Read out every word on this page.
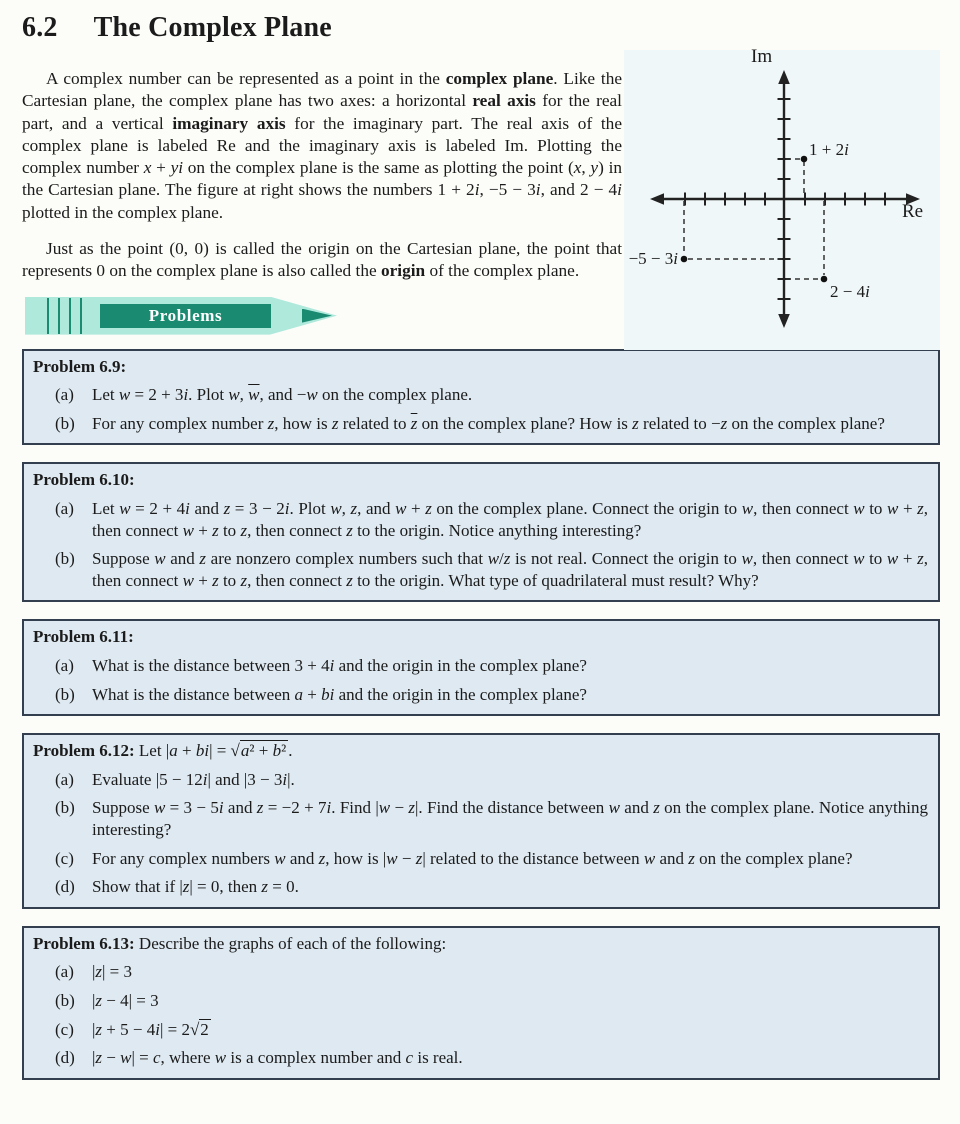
6.2 The Complex Plane

A complex number can be represented as a point in the complex plane. Like the Cartesian plane, the complex plane has two axes: a horizontal real axis for the real part, and a vertical imaginary axis for the imaginary part. The real axis of the complex plane is labeled Re and the imaginary axis is labeled Im. Plotting the complex number x + yi on the complex plane is the same as plotting the point (x, y) in the Cartesian plane. The figure at right shows the numbers 1 + 2i, −5 − 3i, and 2 − 4i plotted in the complex plane.

Just as the point (0, 0) is called the origin on the Cartesian plane, the point that represents 0 on the complex plane is also called the origin of the complex plane.

Im
Re
1 + 2i
−5 − 3i
2 − 4i
Problems
Problem 6.9:
(a)	Let w = 2 + 3i. Plot w, $\overline{w}$, and −w on the complex plane.
(b)	For any complex number z, how is z related to $\overline{z}$ on the complex plane? How is z related to −z on the complex plane?
Problem 6.10:
(a)	Let w = 2 + 4i and z = 3 − 2i. Plot w, z, and w + z on the complex plane. Connect the origin to w, then connect w to w + z, then connect w + z to z, then connect z to the origin. Notice anything interesting?
(b)	Suppose w and z are nonzero complex numbers such that w/z is not real. Connect the origin to w, then connect w to w + z, then connect w + z to z, then connect z to the origin. What type of quadrilateral must result? Why?
Problem 6.11:
(a)	What is the distance between 3 + 4i and the origin in the complex plane?
(b)	What is the distance between a + bi and the origin in the complex plane?
Problem 6.12: Let |a + bi| = √a² + b² .
(a)	Evaluate |5 − 12i| and |3 − 3i|.
(b)	Suppose w = 3 − 5i and z = −2 + 7i. Find |w − z|. Find the distance between w and z on the complex plane. Notice anything interesting?
(c)	For any complex numbers w and z, how is |w − z| related to the distance between w and z on the complex plane?
(d)	Show that if |z| = 0, then z = 0.
Problem 6.13: Describe the graphs of each of the following:
(a)	|z| = 3
(b)	|z − 4| = 3
(c)	|z + 5 − 4i| = 2√2
(d)	|z − w| = c, where w is a complex number and c is real.
